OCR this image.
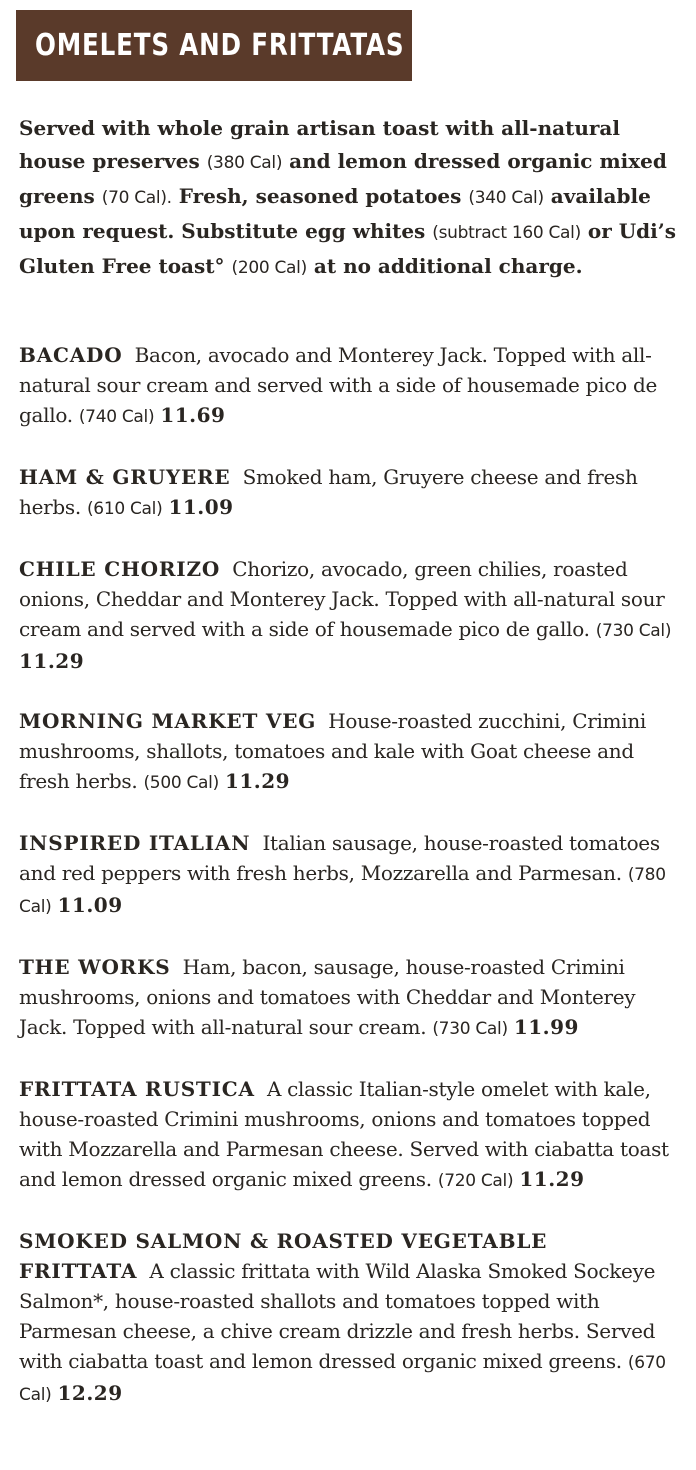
OMELETS AND FRITTATAS
Served with whole grain artisan toast with all-natural house preserves (380 Cal) and lemon dressed organic mixed greens (70 Cal). Fresh, seasoned potatoes (340 Cal) available upon request. Substitute egg whites (subtract 160 Cal) or Udi’s Gluten Free toast° (200 Cal) at no additional charge.
BACADO Bacon, avocado and Monterey Jack. Topped with all-natural sour cream and served with a side of housemade pico de gallo. (740 Cal) 11.69
HAM & GRUYERE Smoked ham, Gruyere cheese and fresh herbs. (610 Cal) 11.09
CHILE CHORIZO Chorizo, avocado, green chilies, roasted onions, Cheddar and Monterey Jack. Topped with all-natural sour cream and served with a side of housemade pico de gallo. (730 Cal) 11.29
MORNING MARKET VEG House-roasted zucchini, Crimini mushrooms, shallots, tomatoes and kale with Goat cheese and fresh herbs. (500 Cal) 11.29
INSPIRED ITALIAN Italian sausage, house-roasted tomatoes and red peppers with fresh herbs, Mozzarella and Parmesan. (780 Cal) 11.09
THE WORKS Ham, bacon, sausage, house-roasted Crimini mushrooms, onions and tomatoes with Cheddar and Monterey Jack. Topped with all-natural sour cream. (730 Cal) 11.99
FRITTATA RUSTICA A classic Italian-style omelet with kale, house-roasted Crimini mushrooms, onions and tomatoes topped with Mozzarella and Parmesan cheese. Served with ciabatta toast and lemon dressed organic mixed greens. (720 Cal) 11.29
SMOKED SALMON & ROASTED VEGETABLE FRITTATA A classic frittata with Wild Alaska Smoked Sockeye Salmon*, house-roasted shallots and tomatoes topped with Parmesan cheese, a chive cream drizzle and fresh herbs. Served with ciabatta toast and lemon dressed organic mixed greens. (670 Cal) 12.29
